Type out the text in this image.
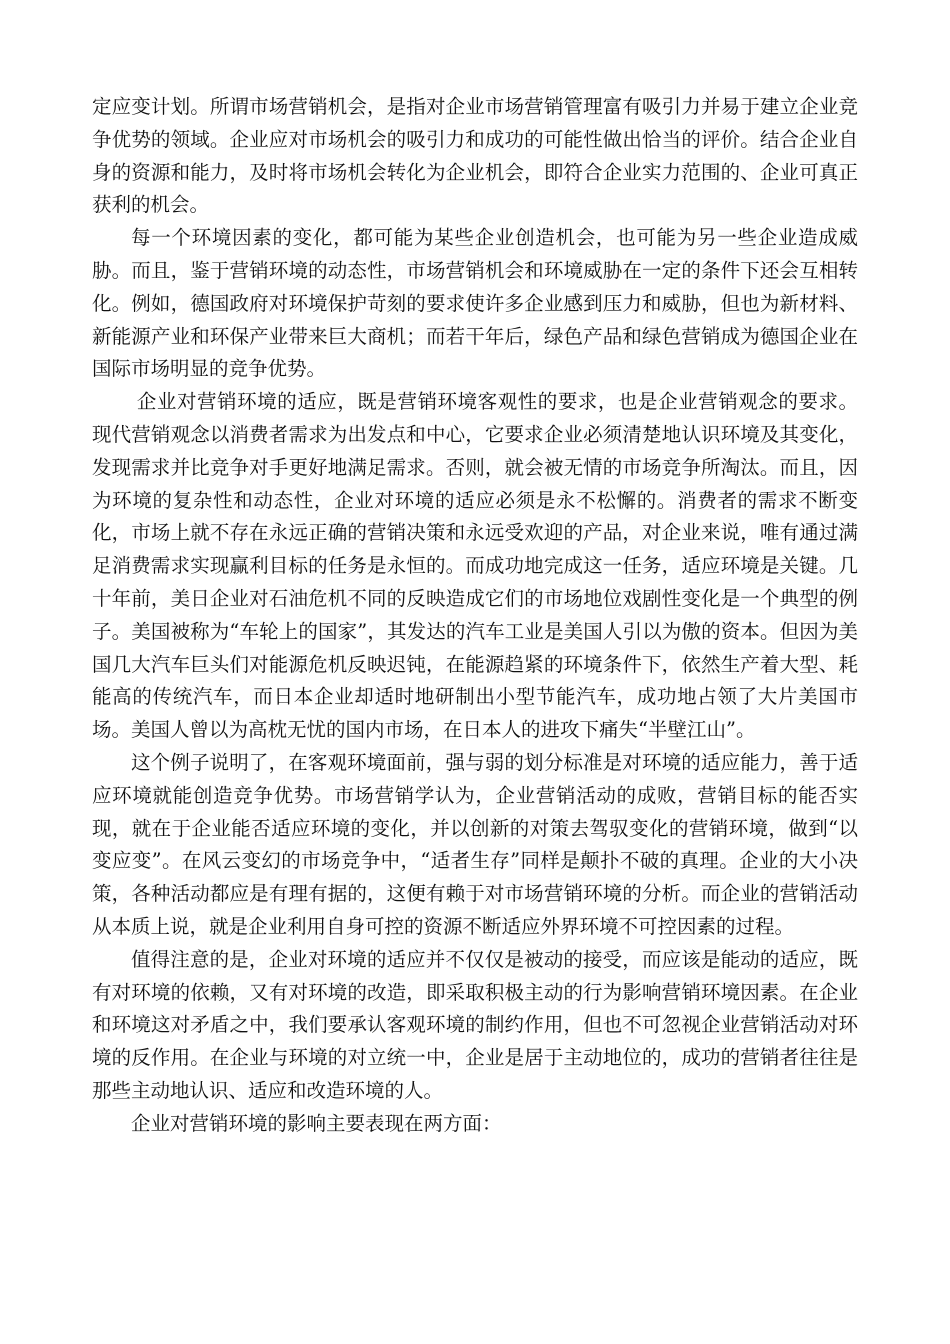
定应变计划。所谓市场营销机会，是指对企业市场营销管理富有吸引力并易于建立企业竞争优势的领域。企业应对市场机会的吸引力和成功的可能性做出恰当的评价。结合企业自身的资源和能力，及时将市场机会转化为企业机会，即符合企业实力范围的、企业可真正获利的机会。

每一个环境因素的变化，都可能为某些企业创造机会，也可能为另一些企业造成威胁。而且，鉴于营销环境的动态性，市场营销机会和环境威胁在一定的条件下还会互相转化。例如，德国政府对环境保护苛刻的要求使许多企业感到压力和威胁，但也为新材料、新能源产业和环保产业带来巨大商机；而若干年后，绿色产品和绿色营销成为德国企业在国际市场明显的竞争优势。

企业对营销环境的适应，既是营销环境客观性的要求，也是企业营销观念的要求。现代营销观念以消费者需求为出发点和中心，它要求企业必须清楚地认识环境及其变化，发现需求并比竞争对手更好地满足需求。否则，就会被无情的市场竞争所淘汰。而且，因为环境的复杂性和动态性，企业对环境的适应必须是永不松懈的。消费者的需求不断变化，市场上就不存在永远正确的营销决策和永远受欢迎的产品，对企业来说，唯有通过满足消费需求实现赢利目标的任务是永恒的。而成功地完成这一任务，适应环境是关键。几十年前，美日企业对石油危机不同的反映造成它们的市场地位戏剧性变化是一个典型的例子。美国被称为“车轮上的国家”，其发达的汽车工业是美国人引以为傲的资本。但因为美国几大汽车巨头们对能源危机反映迟钝，在能源趋紧的环境条件下，依然生产着大型、耗能高的传统汽车，而日本企业却适时地研制出小型节能汽车，成功地占领了大片美国市场。美国人曾以为高枕无忧的国内市场，在日本人的进攻下痛失“半壁江山”。

这个例子说明了，在客观环境面前，强与弱的划分标准是对环境的适应能力，善于适应环境就能创造竞争优势。市场营销学认为，企业营销活动的成败，营销目标的能否实现，就在于企业能否适应环境的变化，并以创新的对策去驾驭变化的营销环境，做到“以变应变”。在风云变幻的市场竞争中，“适者生存”同样是颠扑不破的真理。企业的大小决策，各种活动都应是有理有据的，这便有赖于对市场营销环境的分析。而企业的营销活动从本质上说，就是企业利用自身可控的资源不断适应外界环境不可控因素的过程。

值得注意的是，企业对环境的适应并不仅仅是被动的接受，而应该是能动的适应，既有对环境的依赖，又有对环境的改造，即采取积极主动的行为影响营销环境因素。在企业和环境这对矛盾之中，我们要承认客观环境的制约作用，但也不可忽视企业营销活动对环境的反作用。在企业与环境的对立统一中，企业是居于主动地位的，成功的营销者往往是那些主动地认识、适应和改造环境的人。

企业对营销环境的影响主要表现在两方面：
